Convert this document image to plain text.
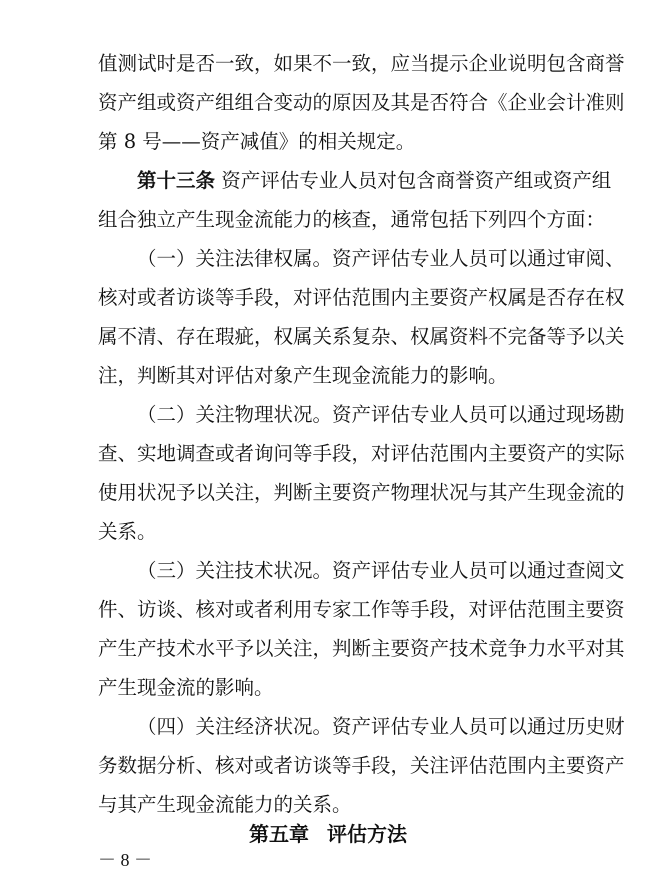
值测试时是否一致，如果不一致，应当提示企业说明包含商誉
资产组或资产组组合变动的原因及其是否符合《企业会计准则
第 8 号——资产减值》的相关规定。
第十三条 资产评估专业人员对包含商誉资产组或资产组
组合独立产生现金流能力的核查，通常包括下列四个方面：
（一）关注法律权属。资产评估专业人员可以通过审阅、
核对或者访谈等手段，对评估范围内主要资产权属是否存在权
属不清、存在瑕疵，权属关系复杂、权属资料不完备等予以关
注，判断其对评估对象产生现金流能力的影响。
（二）关注物理状况。资产评估专业人员可以通过现场勘
查、实地调查或者询问等手段，对评估范围内主要资产的实际
使用状况予以关注，判断主要资产物理状况与其产生现金流的
关系。
（三）关注技术状况。资产评估专业人员可以通过查阅文
件、访谈、核对或者利用专家工作等手段，对评估范围主要资
产生产技术水平予以关注，判断主要资产技术竞争力水平对其
产生现金流的影响。
（四）关注经济状况。资产评估专业人员可以通过历史财
务数据分析、核对或者访谈等手段，关注评估范围内主要资产
与其产生现金流能力的关系。
第五章 评估方法
－ 8 －
